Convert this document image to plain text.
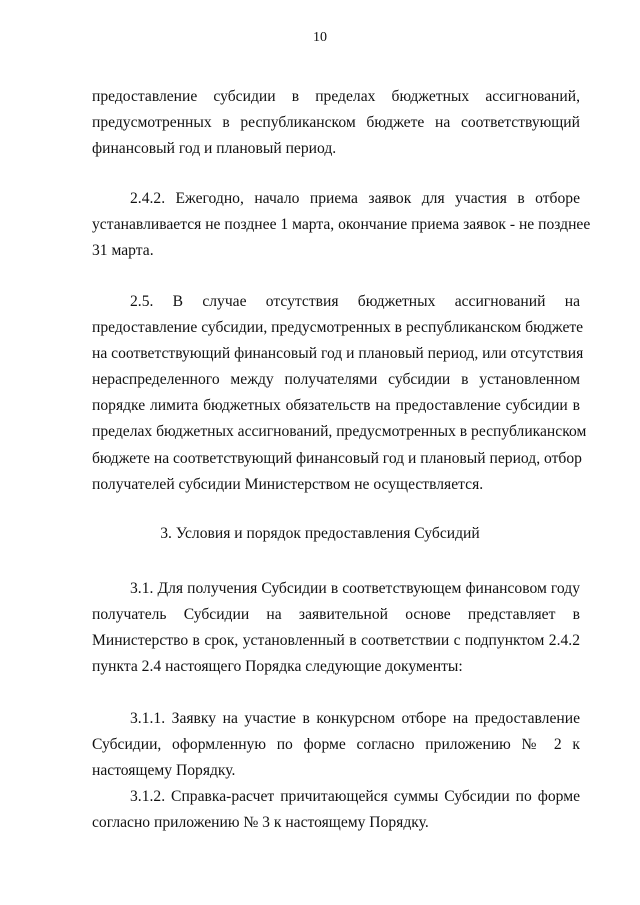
10
предоставление субсидии в пределах бюджетных ассигнований,
предусмотренных в республиканском бюджете на соответствующий
финансовый год и плановый период.
2.4.2. Ежегодно, начало приема заявок для участия в отборе
устанавливается не позднее 1 марта, окончание приема заявок - не позднее
31 марта.
2.5. В случае отсутствия бюджетных ассигнований на
предоставление субсидии, предусмотренных в республиканском бюджете
на соответствующий финансовый год и плановый период, или отсутствия
нераспределенного между получателями субсидии в установленном
порядке лимита бюджетных обязательств на предоставление субсидии в
пределах бюджетных ассигнований, предусмотренных в республиканском
бюджете на соответствующий финансовый год и плановый период, отбор
получателей субсидии Министерством не осуществляется.
3. Условия и порядок предоставления Субсидий
3.1. Для получения Субсидии в соответствующем финансовом году
получатель Субсидии на заявительной основе представляет в
Министерство в срок, установленный в соответствии с подпунктом 2.4.2
пункта 2.4 настоящего Порядка следующие документы:
3.1.1. Заявку на участие в конкурсном отборе на предоставление
Субсидии, оформленную по форме согласно приложению № 2 к
настоящему Порядку.
3.1.2. Справка-расчет причитающейся суммы Субсидии по форме
согласно приложению № 3 к настоящему Порядку.
